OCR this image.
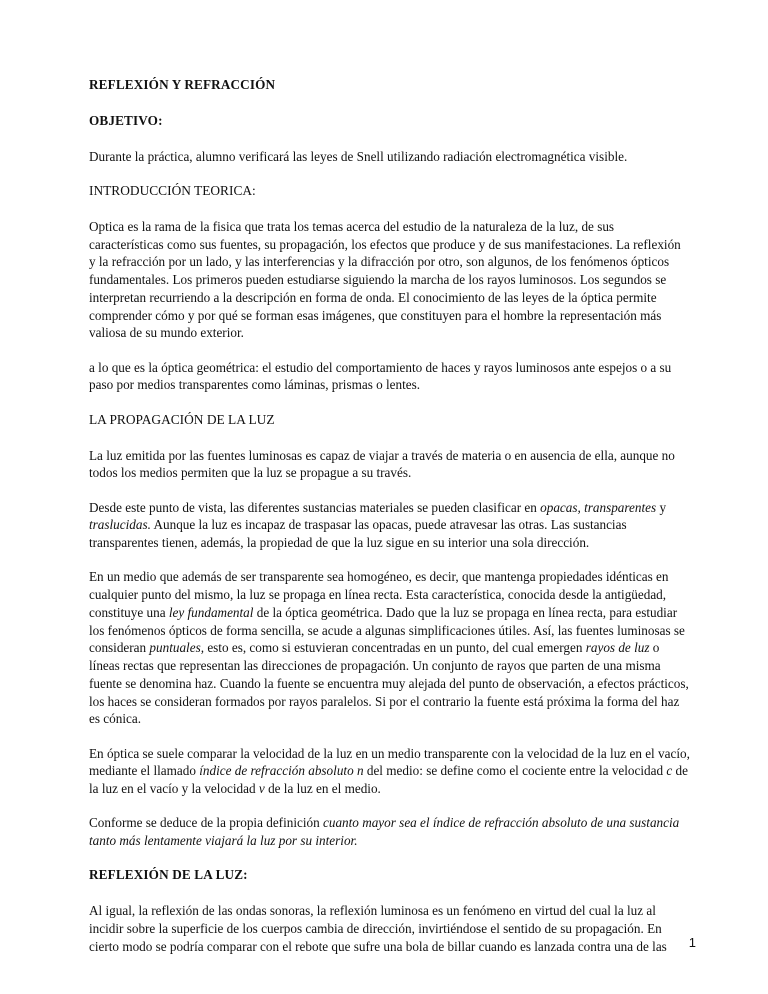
REFLEXIÓN Y REFRACCIÓN
OBJETIVO:

Durante la práctica, alumno verificará las leyes de Snell utilizando radiación electromagnética visible.

INTRODUCCIÓN TEORICA:

Optica es la rama de la fisica que trata los temas acerca del estudio de la naturaleza de la luz, de sus características como sus fuentes, su propagación, los efectos que produce y de sus manifestaciones. La reflexión y la refracción por un lado, y las interferencias y la difracción por otro, son algunos, de los fenómenos ópticos fundamentales. Los primeros pueden estudiarse siguiendo la marcha de los rayos luminosos. Los segundos se interpretan recurriendo a la descripción en forma de onda. El conocimiento de las leyes de la óptica permite comprender cómo y por qué se forman esas imágenes, que constituyen para el hombre la representación más valiosa de su mundo exterior.

a lo que es la óptica geométrica: el estudio del comportamiento de haces y rayos luminosos ante espejos o a su paso por medios transparentes como láminas, prismas o lentes.

LA PROPAGACIÓN DE LA LUZ

La luz emitida por las fuentes luminosas es capaz de viajar a través de materia o en ausencia de ella, aunque no todos los medios permiten que la luz se propague a su través.

Desde este punto de vista, las diferentes sustancias materiales se pueden clasificar en opacas, transparentes y traslucidas. Aunque la luz es incapaz de traspasar las opacas, puede atravesar las otras. Las sustancias transparentes tienen, además, la propiedad de que la luz sigue en su interior una sola dirección.

En un medio que además de ser transparente sea homogéneo, es decir, que mantenga propiedades idénticas en cualquier punto del mismo, la luz se propaga en línea recta. Esta característica, conocida desde la antigüedad, constituye una ley fundamental de la óptica geométrica. Dado que la luz se propaga en línea recta, para estudiar los fenómenos ópticos de forma sencilla, se acude a algunas simplificaciones útiles. Así, las fuentes luminosas se consideran puntuales, esto es, como si estuvieran concentradas en un punto, del cual emergen rayos de luz o líneas rectas que representan las direcciones de propagación. Un conjunto de rayos que parten de una misma fuente se denomina haz. Cuando la fuente se encuentra muy alejada del punto de observación, a efectos prácticos, los haces se consideran formados por rayos paralelos. Si por el contrario la fuente está próxima la forma del haz es cónica.

En óptica se suele comparar la velocidad de la luz en un medio transparente con la velocidad de la luz en el vacío, mediante el llamado índice de refracción absoluto n del medio: se define como el cociente entre la velocidad c de la luz en el vacío y la velocidad v de la luz en el medio.

Conforme se deduce de la propia definición cuanto mayor sea el índice de refracción absoluto de una sustancia tanto más lentamente viajará la luz por su interior.

REFLEXIÓN DE LA LUZ:

Al igual, la reflexión de las ondas sonoras, la reflexión luminosa es un fenómeno en virtud del cual la luz al incidir sobre la superficie de los cuerpos cambia de dirección, invirtiéndose el sentido de su propagación. En cierto modo se podría comparar con el rebote que sufre una bola de billar cuando es lanzada contra una de las	1
